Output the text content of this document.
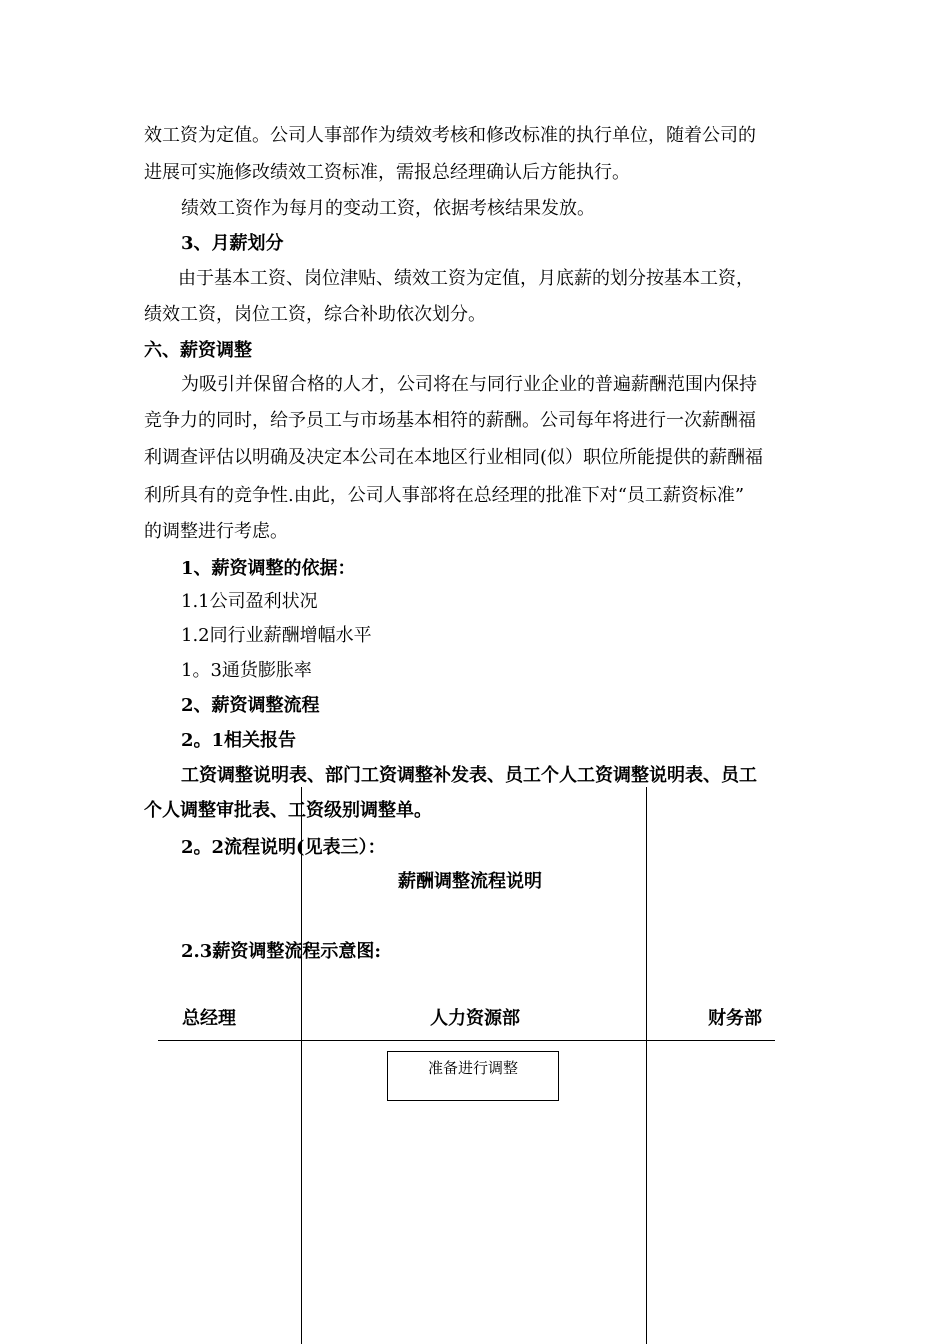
效工资为定值。公司人事部作为绩效考核和修改标准的执行单位，随着公司的
进展可实施修改绩效工资标准，需报总经理确认后方能执行。
绩效工资作为每月的变动工资，依据考核结果发放。
3、月薪划分
由于基本工资、岗位津贴、绩效工资为定值，月底薪的划分按基本工资，
绩效工资，岗位工资，综合补助依次划分。
六、薪资调整
为吸引并保留合格的人才，公司将在与同行业企业的普遍薪酬范围内保持
竞争力的同时，给予员工与市场基本相符的薪酬。公司每年将进行一次薪酬福
利调查评估以明确及决定本公司在本地区行业相同(似）职位所能提供的薪酬福
利所具有的竞争性.由此，公司人事部将在总经理的批准下对“员工薪资标准”
的调整进行考虑。
1、薪资调整的依据：
1.1公司盈利状况
1.2同行业薪酬增幅水平
1。3通货膨胀率
2、薪资调整流程
2。1相关报告
工资调整说明表、部门工资调整补发表、员工个人工资调整说明表、员工
个人调整审批表、工资级别调整单。
2。2流程说明(见表三）：
薪酬调整流程说明
2.3薪资调整流程示意图:
总经理	人力资源部	财务部
准备进行调整
